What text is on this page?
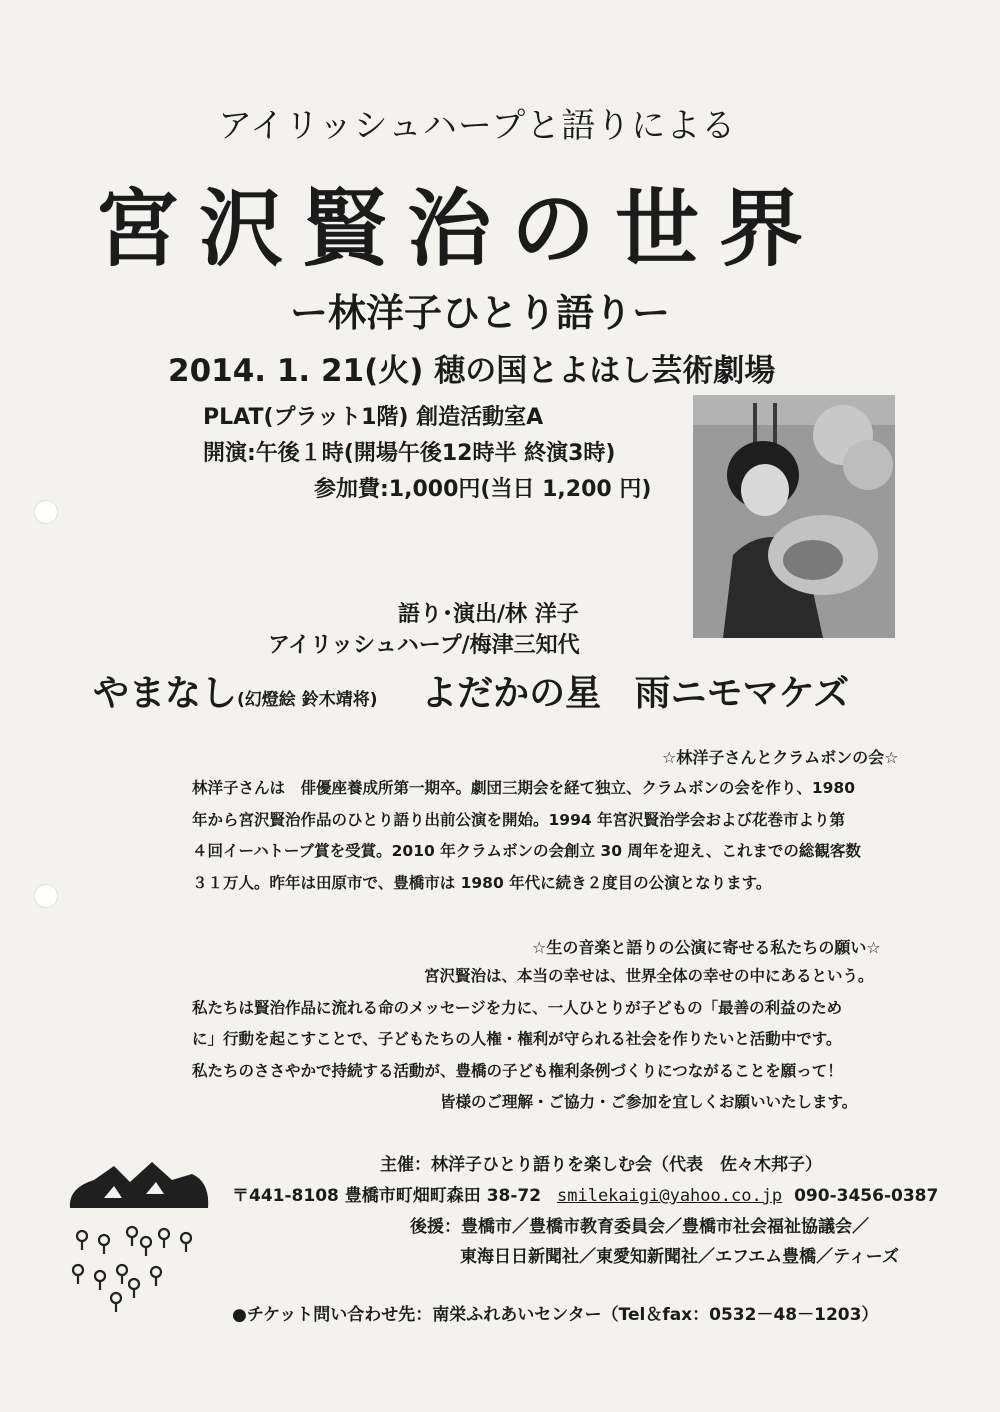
アイリッシュハープと語りによる
宮沢賢治の世界
ー林洋子ひとり語りー
2014. 1. 21(火) 穂の国とよはし芸術劇場
PLAT(プラット1階) 創造活動室A
開演:午後１時(開場午後12時半 終演3時)
参加費:1,000円(当日 1,200 円)
語り･演出/林 洋子
アイリッシュハープ/梅津三知代
やまなし(幻燈絵 鈴木靖将) よだかの星 雨ニモマケズ
☆林洋子さんとクラムボンの会☆
林洋子さんは　俳優座養成所第一期卒。劇団三期会を経て独立、クラムボンの会を作り、1980
年から宮沢賢治作品のひとり語り出前公演を開始。1994 年宮沢賢治学会および花巻市より第
４回イーハトーブ賞を受賞。2010 年クラムボンの会創立 30 周年を迎え、これまでの総観客数
３１万人。昨年は田原市で、豊橋市は 1980 年代に続き２度目の公演となります。
☆生の音楽と語りの公演に寄せる私たちの願い☆
宮沢賢治は、本当の幸せは、世界全体の幸せの中にあるという。
私たちは賢治作品に流れる命のメッセージを力に、一人ひとりが子どもの「最善の利益のため
に」行動を起こすことで、子どもたちの人権・権利が守られる社会を作りたいと活動中です。
私たちのささやかで持続する活動が、豊橋の子ども権利条例づくりにつながることを願って！
皆様のご理解・ご協力・ご参加を宜しくお願いいたします。
主催：林洋子ひとり語りを楽しむ会（代表　佐々木邦子）
〒441-8108 豊橋市町畑町森田 38-72 smilekaigi@yahoo.co.jp 090-3456-0387
後援：豊橋市／豊橋市教育委員会／豊橋市社会福祉協議会／
東海日日新聞社／東愛知新聞社／エフエム豊橋／ティーズ
●チケット問い合わせ先：南栄ふれあいセンター（Tel＆fax：0532－48－1203）
